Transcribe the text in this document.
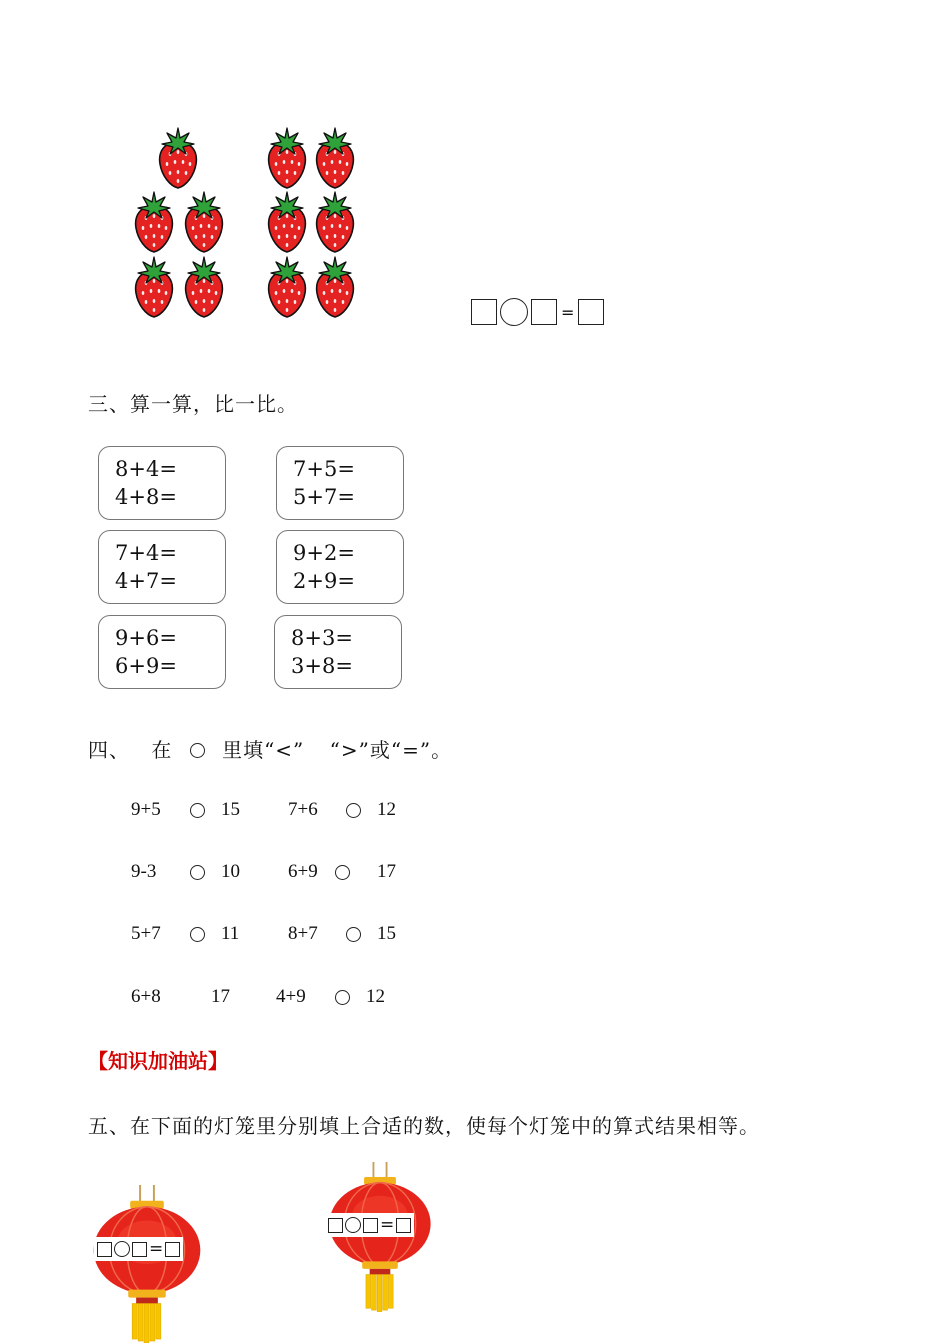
=
三、算一算，比一比。
8+4=
4+8=
7+5=
5+7=
7+4=
4+7=
9+2=
2+9=
9+6=
6+9=
8+3=
3+8=
四、 在 里填“<” “>”或“=”。
9+5	15	7+6	12
9-3	10	6+9	17
5+7	11	8+7	15
6+8	17 4+9	12
【知识加油站】
五、在下面的灯笼里分别填上合适的数，使每个灯笼中的算式结果相等。
=
=
